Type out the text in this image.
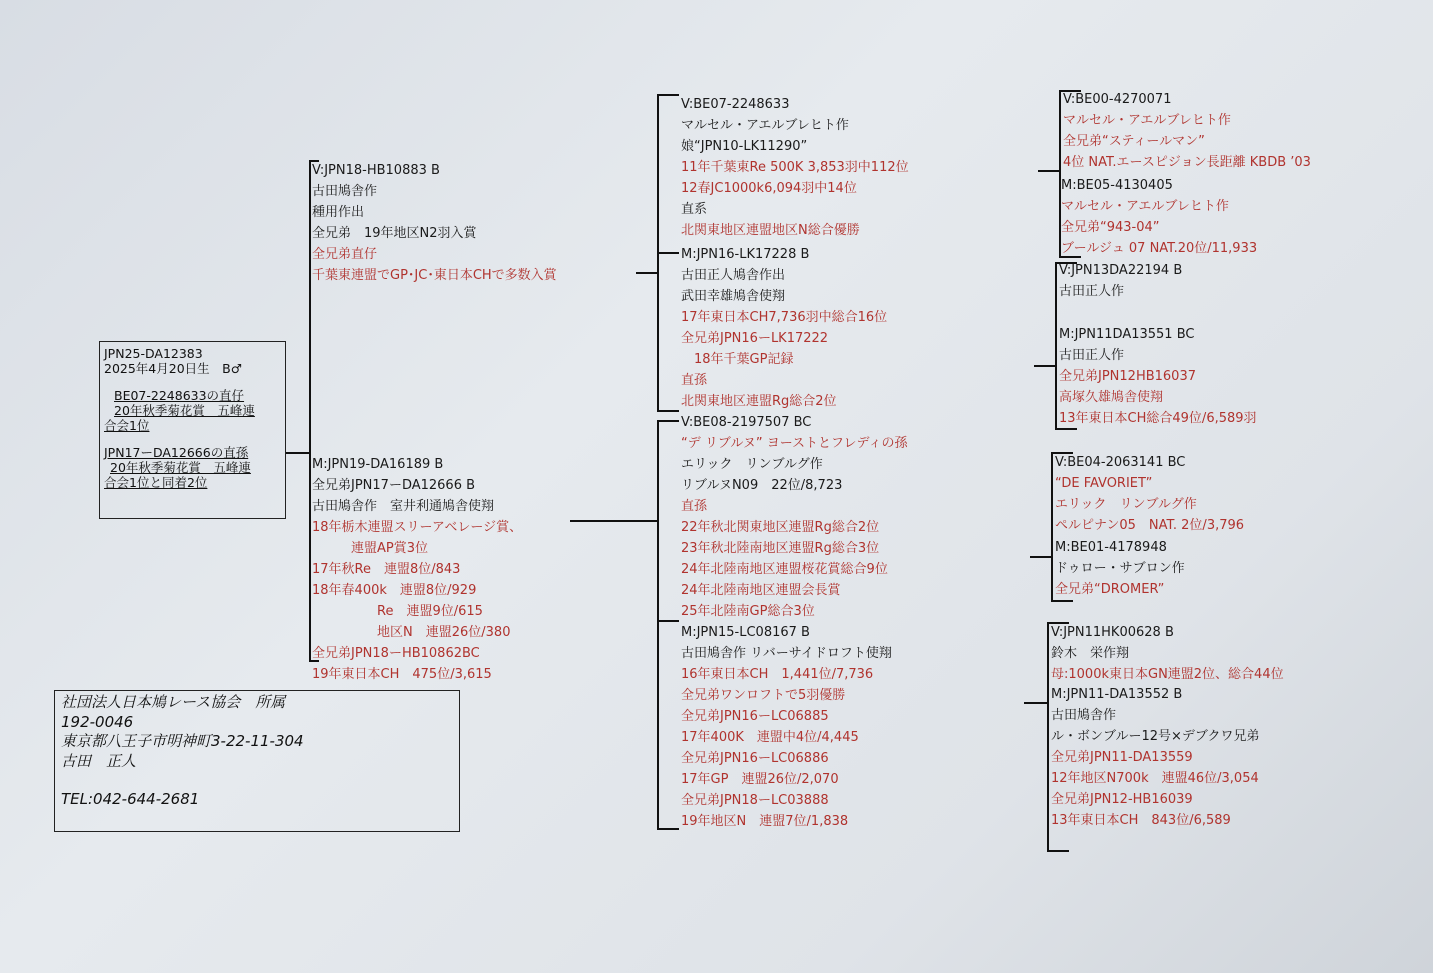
JPN25-DA12383
2025年4月20日生　B♂
BE07-2248633の直仔
20年秋季菊花賞　五峰連
合会1位
JPN17ーDA12666の直孫
20年秋季菊花賞　五峰連
合会1位と同着2位
社団法人日本鳩レース協会　所属
192-0046
東京都八王子市明神町3-22-11-304
古田　正人
TEL:042-644-2681
V:JPN18-HB10883 B
古田鳩舎作
種用作出
全兄弟　19年地区N2羽入賞
全兄弟直仔
千葉東連盟でGP･JC･東日本CHで多数入賞
M:JPN19-DA16189 B
全兄弟JPN17ーDA12666 B
古田鳩舎作　室井利通鳩舎使翔
18年栃木連盟スリーアベレージ賞、
　　　連盟AP賞3位
17年秋Re　連盟8位/843
18年春400k　連盟8位/929
　　　　　Re　連盟9位/615
　　　　　地区N　連盟26位/380
全兄弟JPN18ーHB10862BC
19年東日本CH　475位/3,615
V:BE07-2248633
マルセル・アエルブレヒト作
娘“JPN10-LK11290”
11年千葉東Re 500K 3,853羽中112位
12春JC1000k6,094羽中14位
直系
北関東地区連盟地区N総合優勝
M:JPN16-LK17228 B
古田正人鳩舎作出
武田幸雄鳩舎使翔
17年東日本CH7,736羽中総合16位
全兄弟JPN16ーLK17222
　18年千葉GP記録
直孫
北関東地区連盟Rg総合2位
V:BE08-2197507 BC
“デ リブルヌ” ヨーストとフレディの孫
エリック　リンブルグ作
リブルヌN09　22位/8,723
直孫
22年秋北関東地区連盟Rg総合2位
23年秋北陸南地区連盟Rg総合3位
24年北陸南地区連盟桜花賞総合9位
24年北陸南地区連盟会長賞
25年北陸南GP総合3位
M:JPN15-LC08167 B
古田鳩舎作 リバーサイドロフト使翔
16年東日本CH　1,441位/7,736
全兄弟ワンロフトで5羽優勝
全兄弟JPN16ーLC06885
17年400K　連盟中4位/4,445
全兄弟JPN16ーLC06886
17年GP　連盟26位/2,070
全兄弟JPN18ーLC03888
19年地区N　連盟7位/1,838
V:BE00-4270071
マルセル・アエルブレヒト作
全兄弟“スティールマン”
4位 NAT.エースピジョン長距離 KBDB ’03
M:BE05-4130405
マルセル・アエルブレヒト作
全兄弟“943-04”
ブールジュ 07 NAT.20位/11,933
V:JPN13DA22194 B
古田正人作
M:JPN11DA13551 BC
古田正人作
全兄弟JPN12HB16037
高塚久雄鳩舎使翔
13年東日本CH総合49位/6,589羽
V:BE04-2063141 BC
“DE FAVORIET”
エリック　リンブルグ作
ペルピナン05　NAT. 2位/3,796
M:BE01-4178948
ドゥロー・サブロン作
全兄弟“DROMER”
V:JPN11HK00628 B
鈴木　栄作翔
母:1000k東日本GN連盟2位、総合44位
M:JPN11-DA13552 B
古田鳩舎作
ル・ボンブルー12号×デブクワ兄弟
全兄弟JPN11-DA13559
12年地区N700k　連盟46位/3,054
全兄弟JPN12-HB16039
13年東日本CH　843位/6,589
